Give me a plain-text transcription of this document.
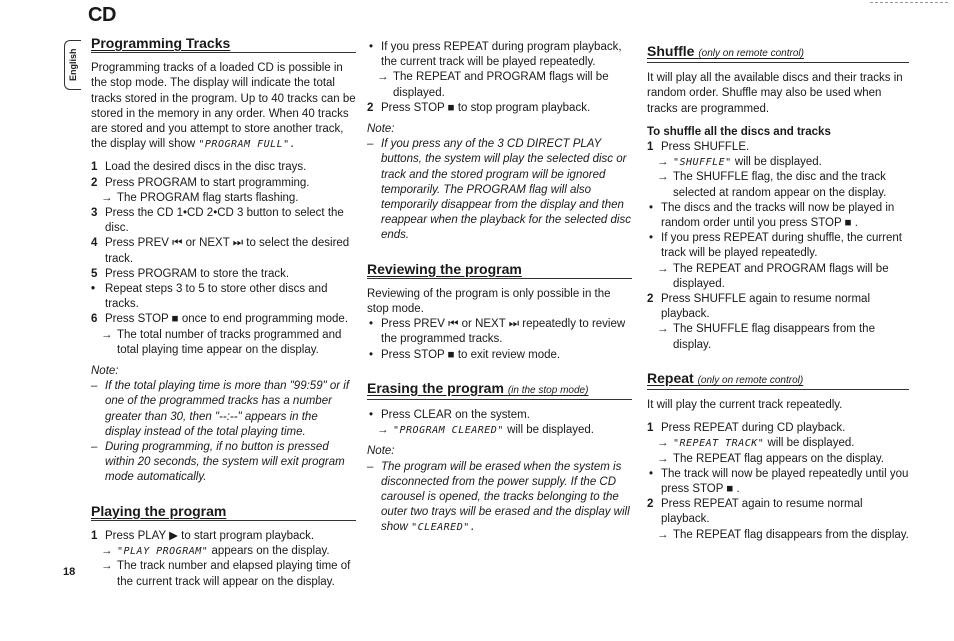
CD
English
Programming Tracks

Programming tracks of a loaded CD is possible in the stop mode. The display will indicate the total tracks stored in the program. Up to 40 tracks can be stored in the memory in any order. When 40 tracks are stored and you attempt to store another track, the display will show "PROGRAM FULL".

1 Load the desired discs in the disc trays.
2 Press PROGRAM to start programming.
→ The PROGRAM flag starts flashing.
3 Press the CD 1•CD 2•CD 3 button to select the disc.
4 Press PREV ⏮ or NEXT ⏭ to select the desired track.
5 Press PROGRAM to store the track.
• Repeat steps 3 to 5 to store other discs and tracks.
6 Press STOP ■ once to end programming mode.
→ The total number of tracks programmed and total playing time appear on the display.

Note:

– If the total playing time is more than "99:59" or if one of the programmed tracks has a number greater than 30, then "--:--" appears in the display instead of the total playing time.

– During programming, if no button is pressed within 20 seconds, the system will exit program mode automatically.

Playing the program
1 Press PLAY ▶ to start program playback.
→ "PLAY PROGRAM" appears on the display.
→ The track number and elapsed playing time of the current track will appear on the display.
• If you press REPEAT during program playback, the current track will be played repeatedly.
→ The REPEAT and PROGRAM flags will be displayed.
2 Press STOP ■ to stop program playback.

Note:

– If you press any of the 3 CD DIRECT PLAY buttons, the system will play the selected disc or track and the stored program will be ignored temporarily. The PROGRAM flag will also temporarily disappear from the display and then reappear when the playback for the selected disc ends.

Reviewing the program

Reviewing of the program is only possible in the stop mode.

• Press PREV ⏮ or NEXT ⏭ repeatedly to review the programmed tracks.
• Press STOP ■ to exit review mode.
Erasing the program (in the stop mode)
• Press CLEAR on the system.
→ "PROGRAM CLEARED" will be displayed.

Note:

– The program will be erased when the system is disconnected from the power supply. If the CD carousel is opened, the tracks belonging to the outer two trays will be erased and the display will show "CLEARED".

Shuffle (only on remote control)

It will play all the available discs and their tracks in random order. Shuffle may also be used when tracks are programmed.

To shuffle all the discs and tracks

1 Press SHUFFLE.
→ "SHUFFLE" will be displayed.
→ The SHUFFLE flag, the disc and the track selected at random appear on the display.
• The discs and the tracks will now be played in random order until you press STOP ■ .
• If you press REPEAT during shuffle, the current track will be played repeatedly.
→ The REPEAT and PROGRAM flags will be displayed.
2 Press SHUFFLE again to resume normal playback.
→ The SHUFFLE flag disappears from the display.
Repeat (only on remote control)

It will play the current track repeatedly.

1 Press REPEAT during CD playback.
→ "REPEAT TRACK" will be displayed.
→ The REPEAT flag appears on the display.
• The track will now be played repeatedly until you press STOP ■ .
2 Press REPEAT again to resume normal playback.
→ The REPEAT flag disappears from the display.
18
